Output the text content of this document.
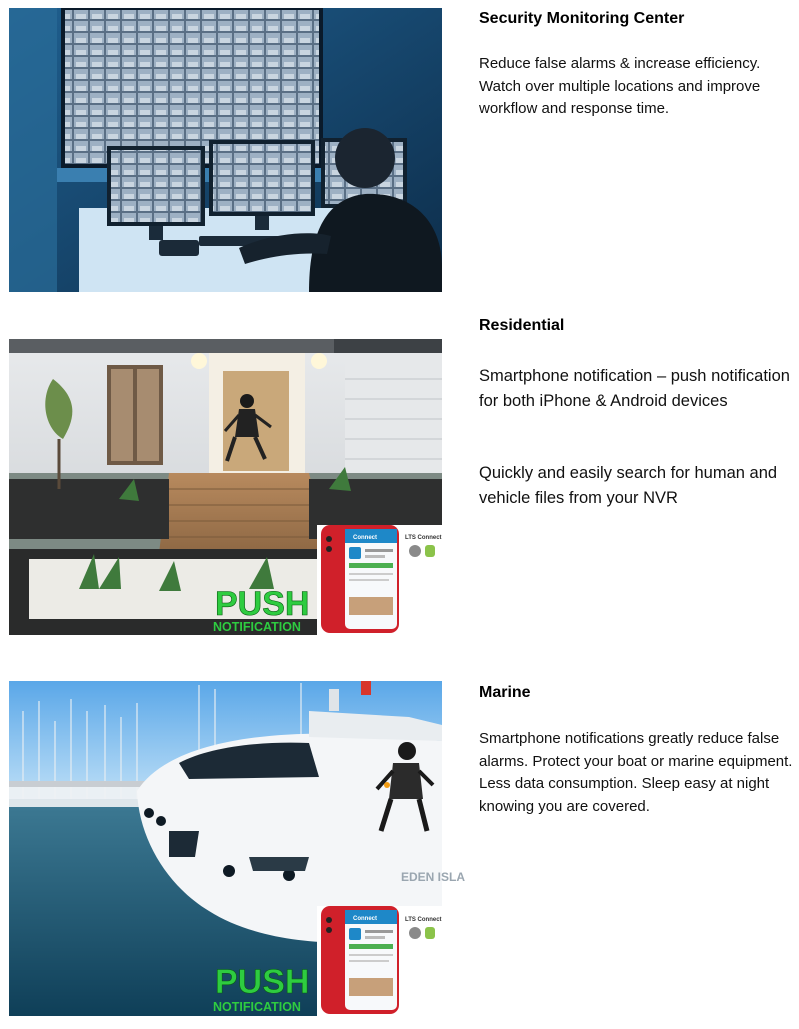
Security Monitoring Center

Reduce false alarms & increase efficiency. Watch over multiple locations and improve workflow and response time.

LTS Connect
Connect
PUSH
NOTIFICATION
Residential

Smartphone notification – push notification for both iPhone & Android devices

Quickly and easily search for human and vehicle files from your NVR

EDEN ISLA
LTS Connect
Connect
PUSH
NOTIFICATION
Marine

Smartphone notifications greatly reduce false alarms. Protect your boat or marine equipment. Less data consumption. Sleep easy at night knowing you are covered.
